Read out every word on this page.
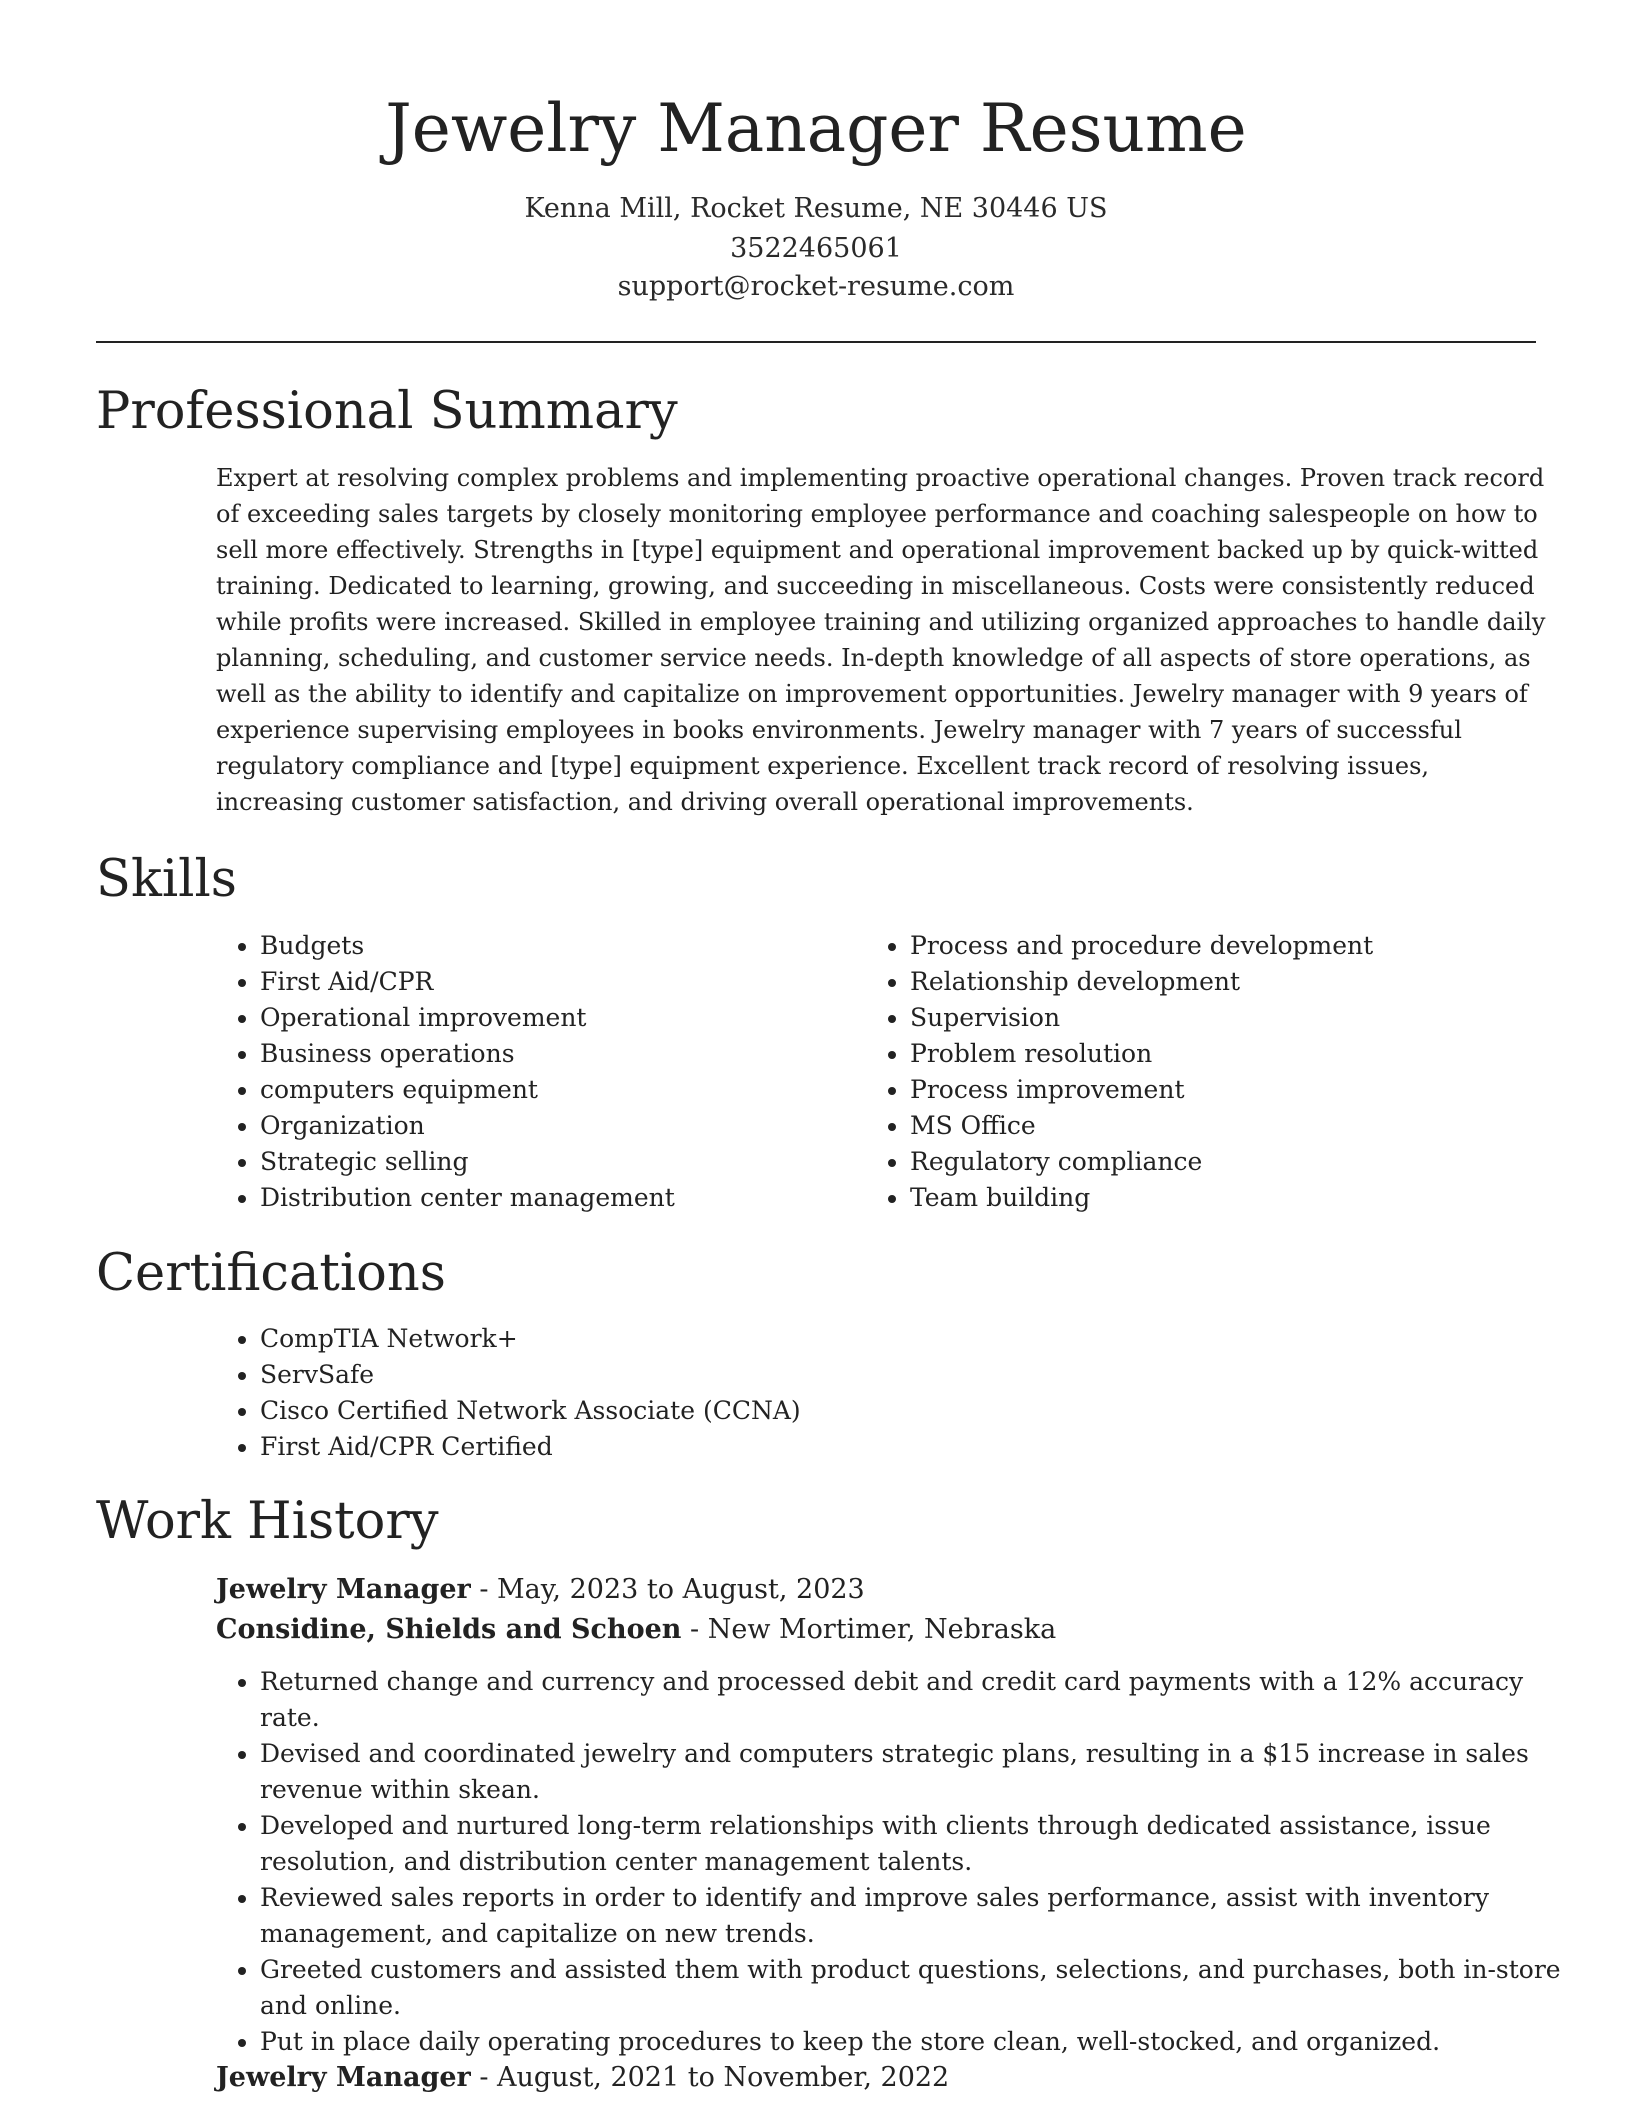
Jewelry Manager Resume

Kenna Mill, Rocket Resume, NE 30446 US

3522465061

support@rocket-resume.com

Professional Summary

Expert at resolving complex problems and implementing proactive operational changes. Proven track record of exceeding sales targets by closely monitoring employee performance and coaching salespeople on how to sell more effectively. Strengths in [type] equipment and operational improvement backed up by quick-witted training. Dedicated to learning, growing, and succeeding in miscellaneous. Costs were consistently reduced while profits were increased. Skilled in employee training and utilizing organized approaches to handle daily planning, scheduling, and customer service needs. In-depth knowledge of all aspects of store operations, as well as the ability to identify and capitalize on improvement opportunities. Jewelry manager with 9 years of experience supervising employees in books environments. Jewelry manager with 7 years of successful regulatory compliance and [type] equipment experience. Excellent track record of resolving issues, increasing customer satisfaction, and driving overall operational improvements.

Skills
• Budgets
• First Aid/CPR
• Operational improvement
• Business operations
• computers equipment
• Organization
• Strategic selling
• Distribution center management
• Process and procedure development
• Relationship development
• Supervision
• Problem resolution
• Process improvement
• MS Office
• Regulatory compliance
• Team building
Certifications
• CompTIA Network+
• ServSafe
• Cisco Certified Network Associate (CCNA)
• First Aid/CPR Certified
Work History

Jewelry Manager - May, 2023 to August, 2023

Considine, Shields and Schoen - New Mortimer, Nebraska

• Returned change and currency and processed debit and credit card payments with a 12% accuracy rate.
• Devised and coordinated jewelry and computers strategic plans, resulting in a $15 increase in sales revenue within skean.
• Developed and nurtured long-term relationships with clients through dedicated assistance, issue resolution, and distribution center management talents.
• Reviewed sales reports in order to identify and improve sales performance, assist with inventory management, and capitalize on new trends.
• Greeted customers and assisted them with product questions, selections, and purchases, both in-store and online.
• Put in place daily operating procedures to keep the store clean, well-stocked, and organized.

Jewelry Manager - August, 2021 to November, 2022
